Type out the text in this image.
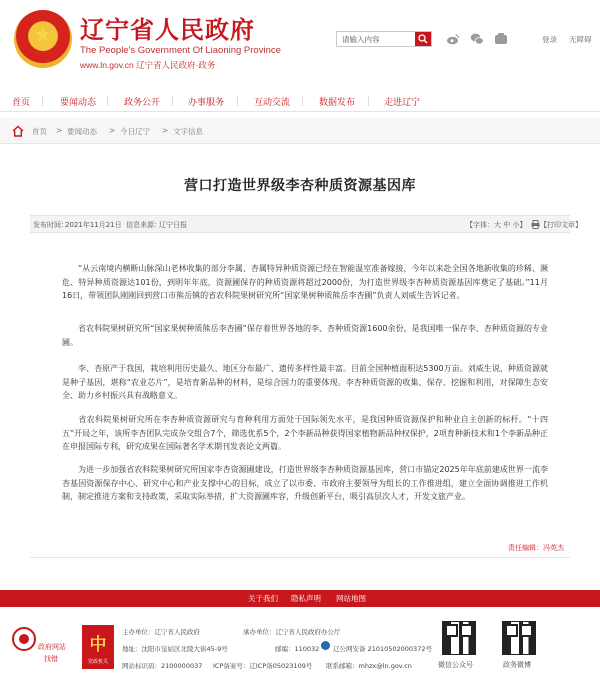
★	辽宁省人民政府
The People's Government Of Liaoning Province
www.ln.gov.cn 辽宁省人民政府·政务
请输入内容
登录 无障碍
首页	要闻动态	政务公开	办事服务	互动交流	数据发布	走进辽宁
首页 > 要闻动态 > 今日辽宁 > 文字信息
营口打造世界级李杏种质资源基因库
发布时间：
2021年11月21日 信息来源：
辽宁日报	【字体：大 中 小】 【打印文章】

“从云南境内横断山脉深山老林收集的部分李属、杏属特异种质资源已经在智能温室准备嫁接，今年以来赴全国各地新收集的珍稀、濒危、特异种质资源达101份，到明年年底，资源圃保存的种质资源将超过2000份，为打造世界级李杏种质资源基因库奠定了基础。”11月16日，带领团队刚刚回到营口市熊岳镇的省农科院果树研究所“国家果树种质熊岳李杏圃”负责人刘威生告诉记者。

省农科院果树研究所“国家果树种质熊岳李杏圃”保存着世界各地的李、杏种质资源1600余份，是我国唯一保存李、杏种质资源的专业圃。

李、杏原产于我国，栽培利用历史最久、地区分布最广、遗传多样性最丰富。目前全国种植面积达5300万亩。刘威生说，种质资源就是种子基因，堪称“农业芯片”，是培育新品种的材料，是综合国力的重要体现。李杏种质资源的收集、保存、挖掘和利用，对保障生态安全、助力乡村振兴具有战略意义。

省农科院果树研究所在李杏种质资源研究与育种利用方面处于国际领先水平，是我国种质资源保护和种业自主创新的标杆。“十四五”开局之年，该所李杏团队完成杂交组合7个，筛选优系5个，2个李新品种获得国家植物新品种权保护，2项育种新技术和1个李新品种正在申报国际专利，研究成果在国际著名学术期刊发表论文两篇。

为进一步加强省农科院果树研究所国家李杏资源圃建设，打造世界级李杏种质资源基因库，营口市锚定2025年年底前建成世界一流李杏基因资源保存中心、研究中心和产业支撑中心的目标，成立了以市委、市政府主要领导为组长的工作推进组，建立全面协调推进工作机制，制定推进方案和支持政策，采取实际举措，扩大资源圃库容，升级创新平台，吸引高层次人才，开发文旅产业。

责任编辑：冯英杰
关于我们 隐私声明 网站地图
政府网站
找错
中
党政机关
主办单位：辽宁省人民政府	承办单位：辽宁省人民政府办公厅
地址：沈阳市皇姑区北陵大街45-9号	邮编：110032 辽公网安备 21010502000372号
网站标识码：2100000037 ICP备案号：辽ICP备05023109号 联系邮箱：mhzx@ln.gov.cn	微信公众号	政务微博
